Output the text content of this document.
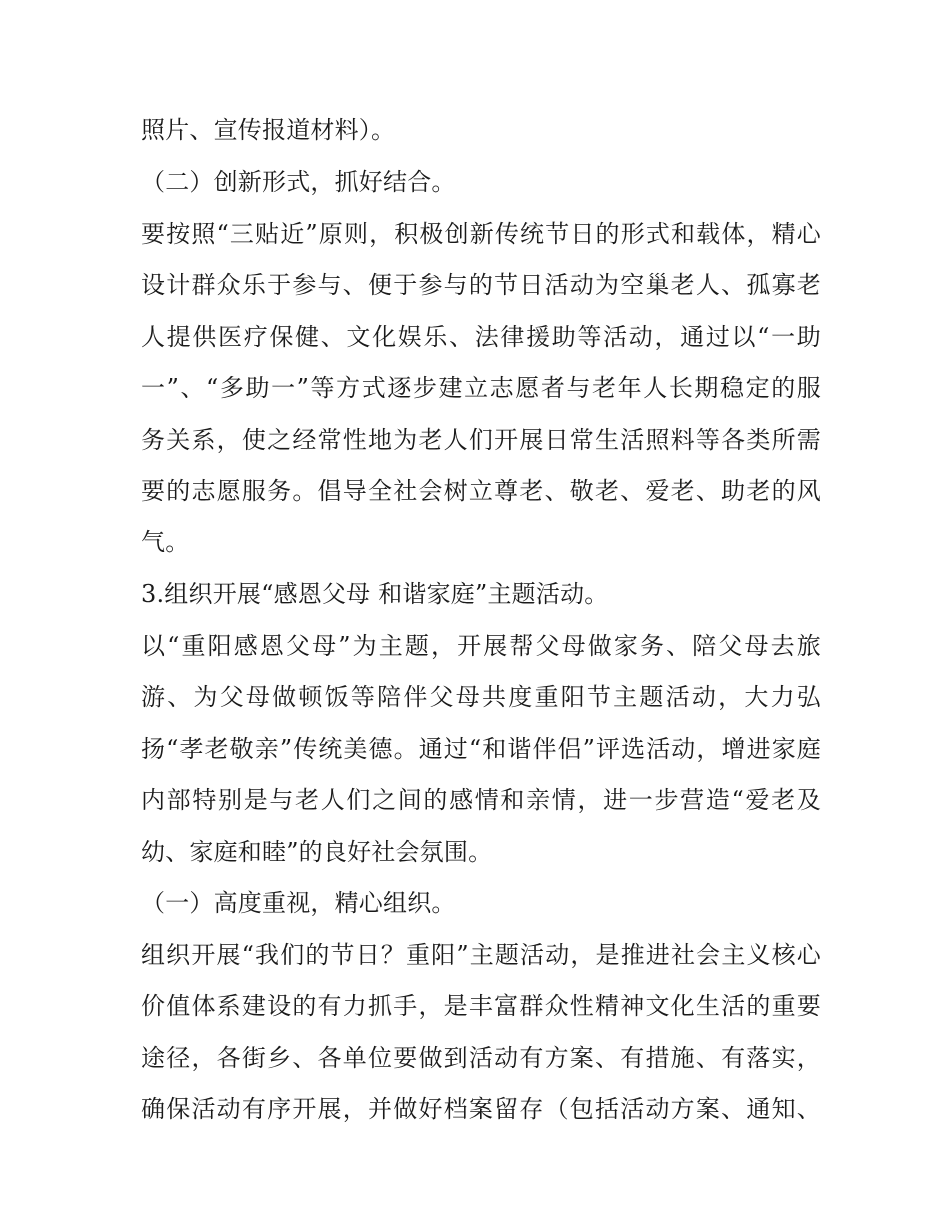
照片、宣传报道材料）。
（二）创新形式，抓好结合。
要按照“三贴近”原则，积极创新传统节日的形式和载体，精心
设计群众乐于参与、便于参与的节日活动为空巢老人、孤寡老
人提供医疗保健、文化娱乐、法律援助等活动，通过以“一助
一”、“多助一”等方式逐步建立志愿者与老年人长期稳定的服
务关系，使之经常性地为老人们开展日常生活照料等各类所需
要的志愿服务。倡导全社会树立尊老、敬老、爱老、助老的风
气。
3.组织开展“感恩父母 和谐家庭”主题活动。
以“重阳感恩父母”为主题，开展帮父母做家务、陪父母去旅
游、为父母做顿饭等陪伴父母共度重阳节主题活动，大力弘
扬“孝老敬亲”传统美德。通过“和谐伴侣”评选活动，增进家庭
内部特别是与老人们之间的感情和亲情，进一步营造“爱老及
幼、家庭和睦”的良好社会氛围。
（一）高度重视，精心组织。
组织开展“我们的节日？重阳”主题活动，是推进社会主义核心
价值体系建设的有力抓手，是丰富群众性精神文化生活的重要
途径，各街乡、各单位要做到活动有方案、有措施、有落实，
确保活动有序开展，并做好档案留存（包括活动方案、通知、
